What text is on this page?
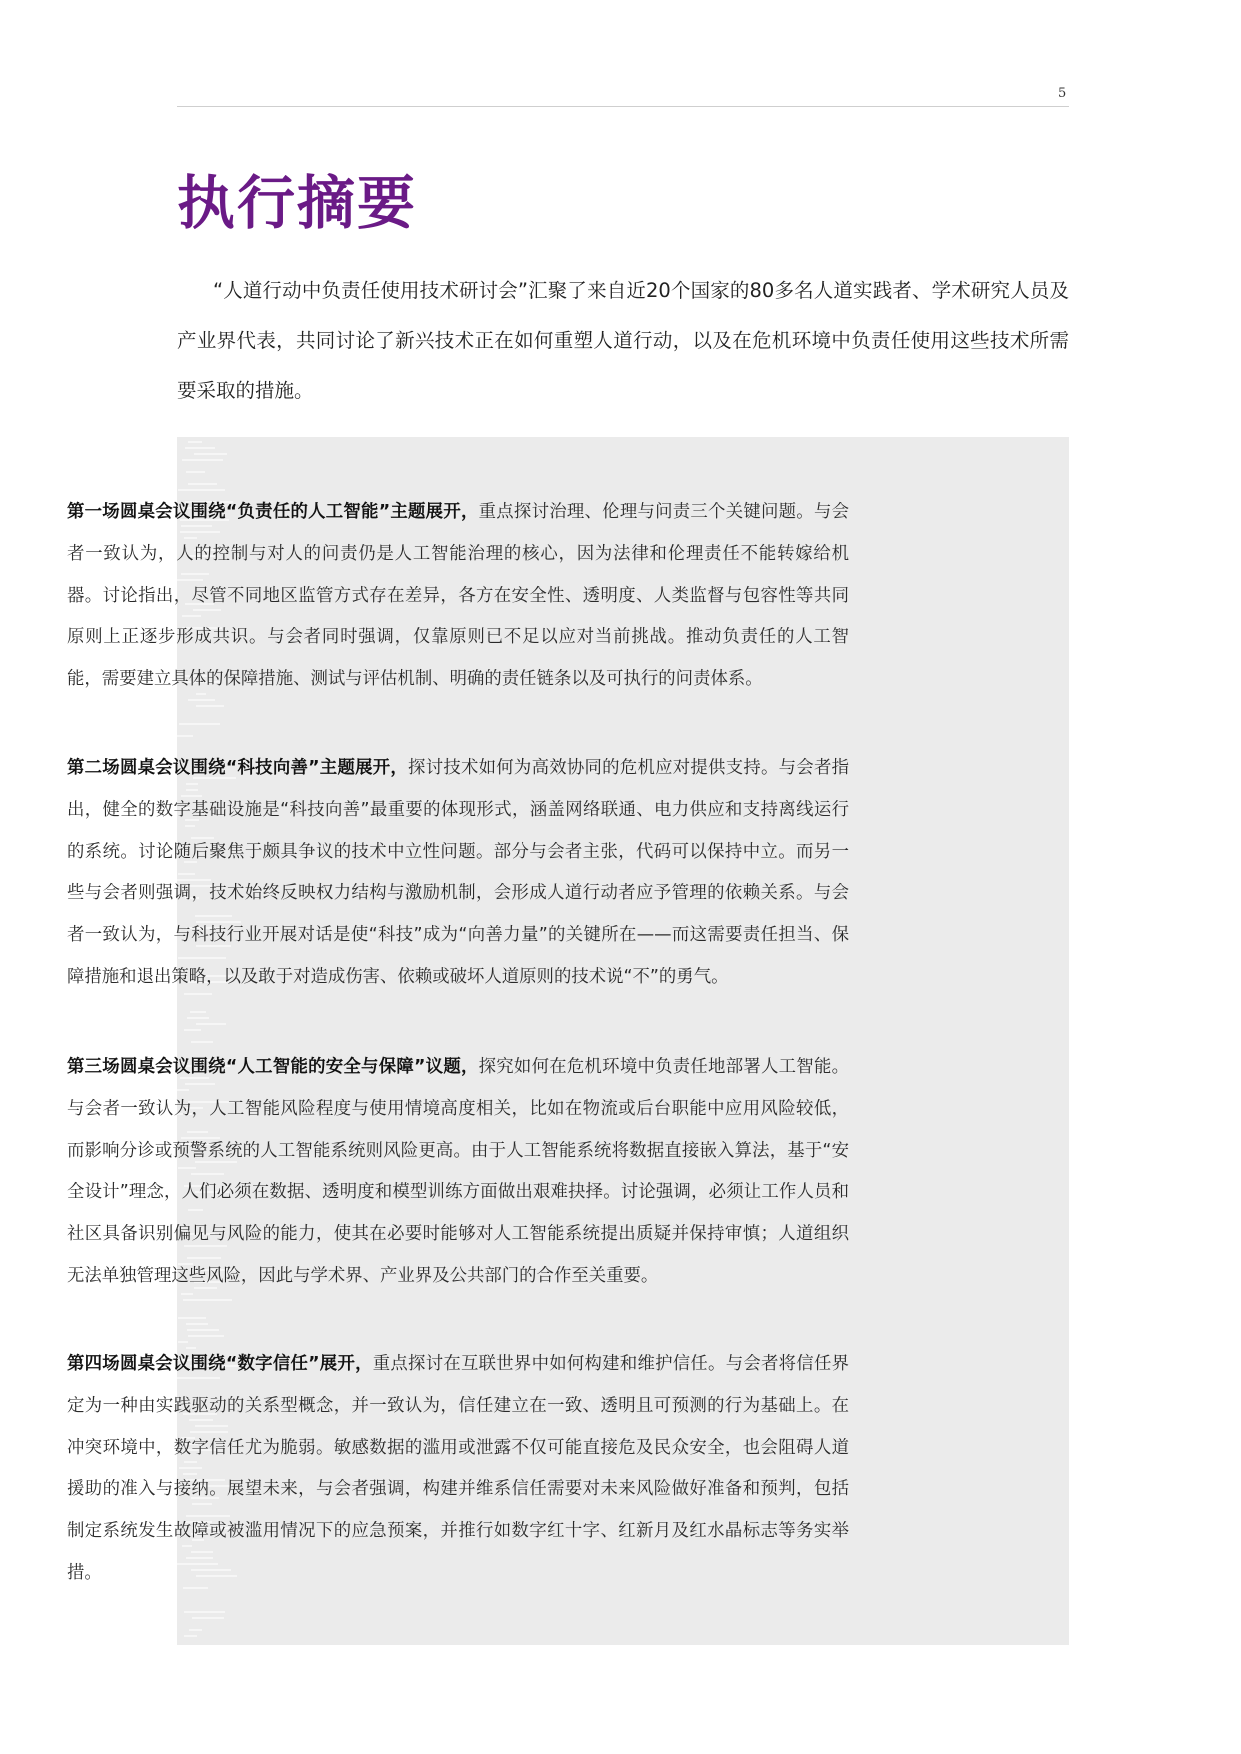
5
执行摘要

“人道行动中负责任使用技术研讨会”汇聚了来自近20个国家的80多名人道实践者、学术研究人员及产业界代表，共同讨论了新兴技术正在如何重塑人道行动，以及在危机环境中负责任使用这些技术所需要采取的措施。

第一场圆桌会议围绕“负责任的人工智能”主题展开，重点探讨治理、伦理与问责三个关键问题。与会者一致认为，人的控制与对人的问责仍是人工智能治理的核心，因为法律和伦理责任不能转嫁给机器。讨论指出，尽管不同地区监管方式存在差异，各方在安全性、透明度、人类监督与包容性等共同原则上正逐步形成共识。与会者同时强调，仅靠原则已不足以应对当前挑战。推动负责任的人工智能，需要建立具体的保障措施、测试与评估机制、明确的责任链条以及可执行的问责体系。

第二场圆桌会议围绕“科技向善”主题展开，探讨技术如何为高效协同的危机应对提供支持。与会者指出，健全的数字基础设施是“科技向善”最重要的体现形式，涵盖网络联通、电力供应和支持离线运行的系统。讨论随后聚焦于颇具争议的技术中立性问题。部分与会者主张，代码可以保持中立。而另一些与会者则强调，技术始终反映权力结构与激励机制，会形成人道行动者应予管理的依赖关系。与会者一致认为，与科技行业开展对话是使“科技”成为“向善力量”的关键所在——而这需要责任担当、保障措施和退出策略，以及敢于对造成伤害、依赖或破坏人道原则的技术说“不”的勇气。

第三场圆桌会议围绕“人工智能的安全与保障”议题，探究如何在危机环境中负责任地部署人工智能。与会者一致认为，人工智能风险程度与使用情境高度相关，比如在物流或后台职能中应用风险较低，而影响分诊或预警系统的人工智能系统则风险更高。由于人工智能系统将数据直接嵌入算法，基于“安全设计”理念，人们必须在数据、透明度和模型训练方面做出艰难抉择。讨论强调，必须让工作人员和社区具备识别偏见与风险的能力，使其在必要时能够对人工智能系统提出质疑并保持审慎；人道组织无法单独管理这些风险，因此与学术界、产业界及公共部门的合作至关重要。

第四场圆桌会议围绕“数字信任”展开，重点探讨在互联世界中如何构建和维护信任。与会者将信任界定为一种由实践驱动的关系型概念，并一致认为，信任建立在一致、透明且可预测的行为基础上。在冲突环境中，数字信任尤为脆弱。敏感数据的滥用或泄露不仅可能直接危及民众安全，也会阻碍人道援助的准入与接纳。展望未来，与会者强调，构建并维系信任需要对未来风险做好准备和预判，包括制定系统发生故障或被滥用情况下的应急预案，并推行如数字红十字、红新月及红水晶标志等务实举措。
